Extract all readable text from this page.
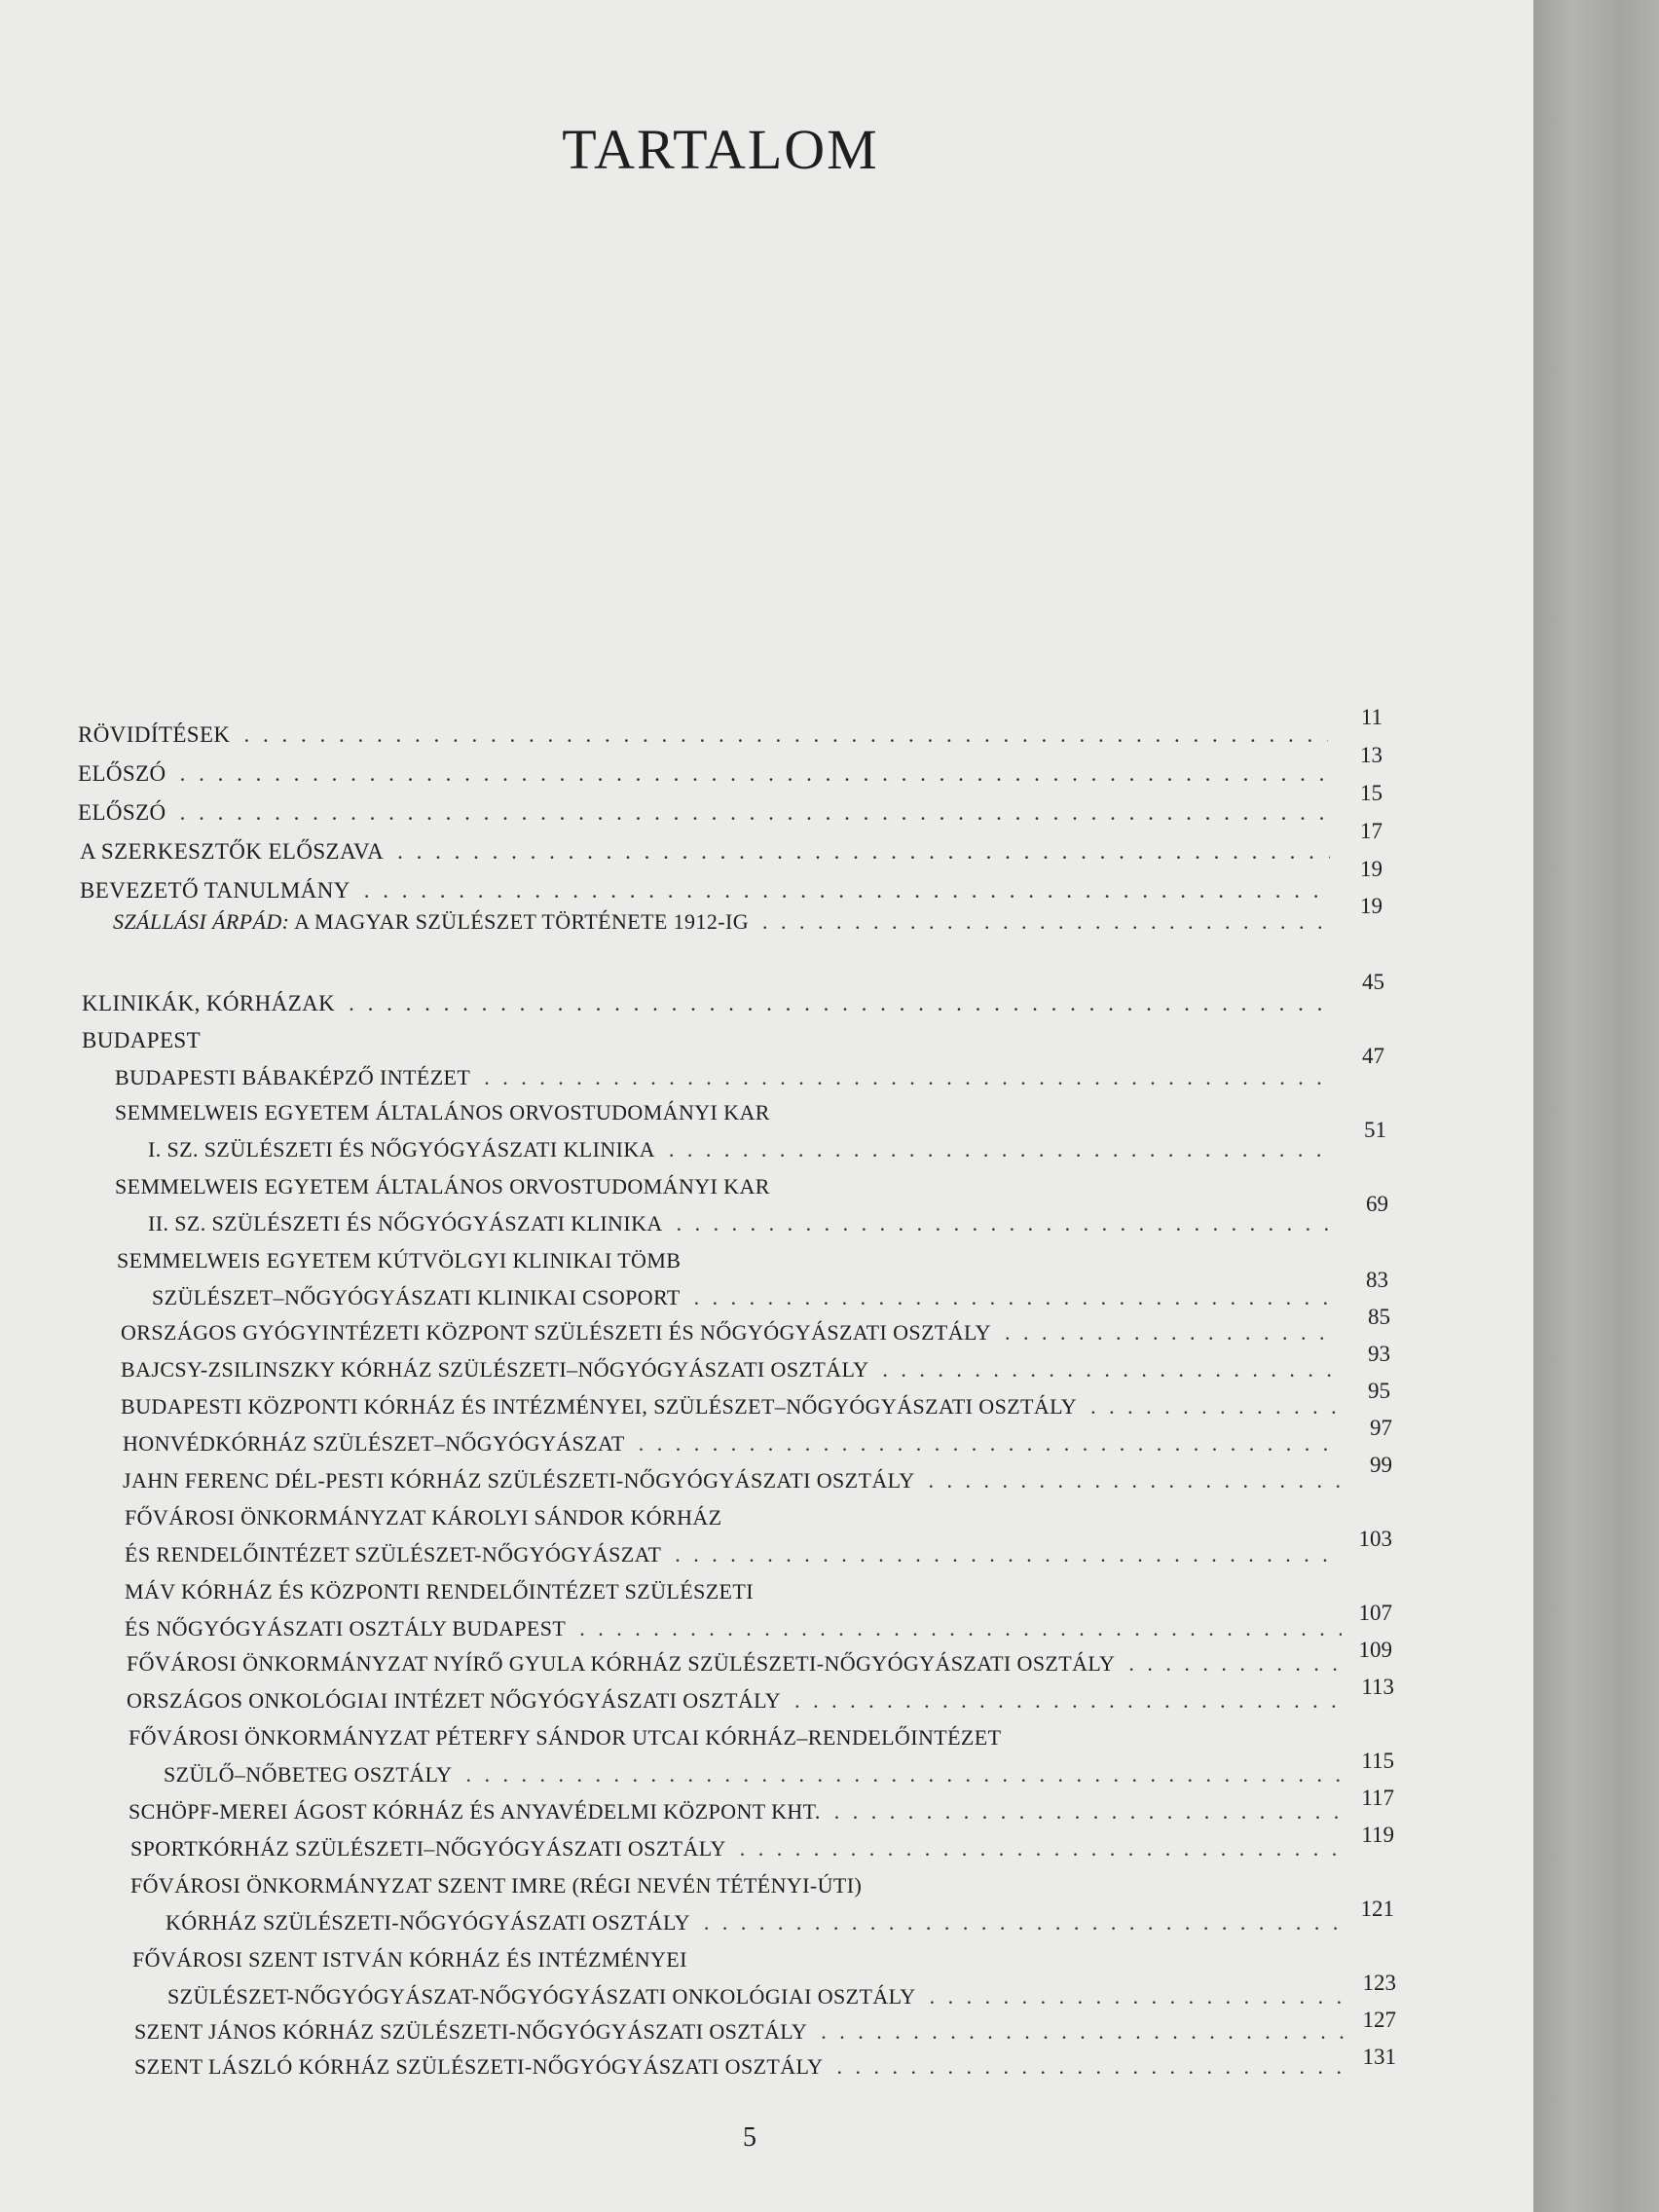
TARTALOM
RÖVIDÍTÉSEK
. . .
ELŐSZÓ
. . .
ELŐSZÓ
. . .
A SZERKESZTŐK ELŐSZAVA
. . .
BEVEZETŐ TANULMÁNY
. . .
SZÁLLÁSI ÁRPÁD: A MAGYAR SZÜLÉSZET TÖRTÉNETE 1912-IG
. . .
KLINIKÁK, KÓRHÁZAK
. . .
BUDAPEST
BUDAPESTI BÁBAKÉPZŐ INTÉZET
. . .
SEMMELWEIS EGYETEM ÁLTALÁNOS ORVOSTUDOMÁNYI KAR
I. SZ. SZÜLÉSZETI ÉS NŐGYÓGYÁSZATI KLINIKA
. . .
SEMMELWEIS EGYETEM ÁLTALÁNOS ORVOSTUDOMÁNYI KAR
II. SZ. SZÜLÉSZETI ÉS NŐGYÓGYÁSZATI KLINIKA
. . .
SEMMELWEIS EGYETEM KÚTVÖLGYI KLINIKAI TÖMB
SZÜLÉSZET–NŐGYÓGYÁSZATI KLINIKAI CSOPORT
. . .
ORSZÁGOS GYÓGYINTÉZETI KÖZPONT SZÜLÉSZETI ÉS NŐGYÓGYÁSZATI OSZTÁLY
. . .
BAJCSY-ZSILINSZKY KÓRHÁZ SZÜLÉSZETI–NŐGYÓGYÁSZATI OSZTÁLY
. . .
BUDAPESTI KÖZPONTI KÓRHÁZ ÉS INTÉZMÉNYEI, SZÜLÉSZET–NŐGYÓGYÁSZATI OSZTÁLY
. . .
HONVÉDKÓRHÁZ SZÜLÉSZET–NŐGYÓGYÁSZAT
. . .
JAHN FERENC DÉL-PESTI KÓRHÁZ SZÜLÉSZETI-NŐGYÓGYÁSZATI OSZTÁLY
. . .
FŐVÁROSI ÖNKORMÁNYZAT KÁROLYI SÁNDOR KÓRHÁZ
ÉS RENDELŐINTÉZET SZÜLÉSZET-NŐGYÓGYÁSZAT
. . .
MÁV KÓRHÁZ ÉS KÖZPONTI RENDELŐINTÉZET SZÜLÉSZETI
ÉS NŐGYÓGYÁSZATI OSZTÁLY BUDAPEST
. . .
FŐVÁROSI ÖNKORMÁNYZAT NYÍRŐ GYULA KÓRHÁZ SZÜLÉSZETI-NŐGYÓGYÁSZATI OSZTÁLY
. . .
ORSZÁGOS ONKOLÓGIAI INTÉZET NŐGYÓGYÁSZATI OSZTÁLY
. . .
FŐVÁROSI ÖNKORMÁNYZAT PÉTERFY SÁNDOR UTCAI KÓRHÁZ–RENDELŐINTÉZET
SZÜLŐ–NŐBETEG OSZTÁLY
. . .
SCHÖPF-MEREI ÁGOST KÓRHÁZ ÉS ANYAVÉDELMI KÖZPONT KHT.
. . .
SPORTKÓRHÁZ SZÜLÉSZETI–NŐGYÓGYÁSZATI OSZTÁLY
. . .
FŐVÁROSI ÖNKORMÁNYZAT SZENT IMRE (RÉGI NEVÉN TÉTÉNYI-ÚTI)
KÓRHÁZ SZÜLÉSZETI-NŐGYÓGYÁSZATI OSZTÁLY
. . .
FŐVÁROSI SZENT ISTVÁN KÓRHÁZ ÉS INTÉZMÉNYEI
SZÜLÉSZET-NŐGYÓGYÁSZAT-NŐGYÓGYÁSZATI ONKOLÓGIAI OSZTÁLY
. . .
SZENT JÁNOS KÓRHÁZ SZÜLÉSZETI-NŐGYÓGYÁSZATI OSZTÁLY
. . .
SZENT LÁSZLÓ KÓRHÁZ SZÜLÉSZETI-NŐGYÓGYÁSZATI OSZTÁLY
. . .
11
13
15
17
19
19
45
47
51
69
83
85
93
95
97
99
103
107
109
113
115
117
119
121
123
127
131
5
